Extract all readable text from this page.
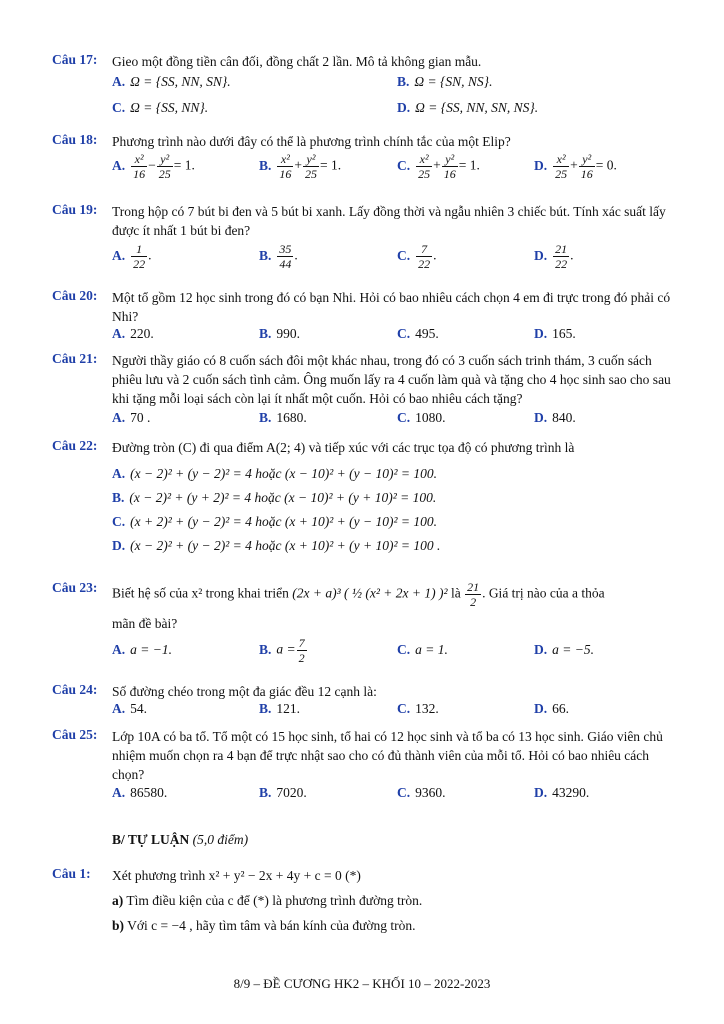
Câu 17: Gieo một đồng tiền cân đối, đồng chất 2 lần. Mô tả không gian mẫu.
A. Ω = {SS, NN, SN}.	B. Ω = {SN, NS}.
C. Ω = {SS, NN}.	D. Ω = {SS, NN, SN, NS}.
Câu 18: Phương trình nào dưới đây có thể là phương trình chính tắc của một Elip?
A. $\frac{\text{x²}}{16} - \frac{\text{y²}}{25} = 1$.	B. $\frac{\text{x²}}{16} + \frac{\text{y²}}{25} = 1$.	C. $\frac{\text{x²}}{25} + \frac{\text{y²}}{16} = 1$.	D. $\frac{\text{x²}}{25} + \frac{\text{y²}}{16} = 0$.
Câu 19: Trong hộp có 7 bút bi đen và 5 bút bi xanh. Lấy đồng thời và ngẫu nhiên 3 chiếc bút. Tính xác suất lấy được ít nhất 1 bút bi đen?
A. $\frac{1}{22}$ .	B. $\frac{35}{44}$ .	C. $\frac{7}{22}$ .	D. $\frac{21}{22}$ .
Câu 20: Một tổ gồm 12 học sinh trong đó có bạn Nhi. Hỏi có bao nhiêu cách chọn 4 em đi trực trong đó phải có Nhi?
A. 220.	B. 990.	C. 495.	D. 165.
Câu 21: Người thầy giáo có 8 cuốn sách đôi một khác nhau, trong đó có 3 cuốn sách trinh thám, 3 cuốn sách phiêu lưu và 2 cuốn sách tình cảm. Ông muốn lấy ra 4 cuốn làm quà và tặng cho 4 học sinh sao cho sau khi tặng mỗi loại sách còn lại ít nhất một cuốn. Hỏi có bao nhiêu cách tặng?
A. 70 .	B. 1680.	C. 1080.	D. 840.
Câu 22: Đường tròn (C) đi qua điểm A(2; 4) và tiếp xúc với các trục tọa độ có phương trình là
A. (x − 2)² + (y − 2)² = 4 hoặc (x − 10)² + (y − 10)² = 100.
B. (x − 2)² + (y + 2)² = 4 hoặc (x − 10)² + (y + 10)² = 100.
C. (x + 2)² + (y − 2)² = 4 hoặc (x + 10)² + (y − 10)² = 100.
D. (x − 2)² + (y − 2)² = 4 hoặc (x + 10)² + (y + 10)² = 100 .
Câu 23: Biết hệ số của x² trong khai triển (2x + a)³ ( ½ (x² + 2x + 1) )² là $\frac{21}{2}$ . Giá trị nào của a thỏa
mãn đề bài?
A. a = −1.	B. $a = \frac{7}{2}$	C. a = 1.	D. a = −5.
Câu 24: Số đường chéo trong một đa giác đều 12 cạnh là:
A. 54.	B. 121.	C. 132.	D. 66.
Câu 25: Lớp 10A có ba tổ. Tổ một có 15 học sinh, tổ hai có 12 học sinh và tổ ba có 13 học sinh. Giáo viên chủ nhiệm muốn chọn ra 4 bạn để trực nhật sao cho có đủ thành viên của mỗi tổ. Hỏi có bao nhiêu cách chọn?
A. 86580.	B. 7020.	C. 9360.	D. 43290.
B/ TỰ LUẬN (5,0 điểm)
Câu 1: Xét phương trình x² + y² − 2x + 4y + c = 0 (*)
a) Tìm điều kiện của c để (*) là phương trình đường tròn.
b) Với c = −4 , hãy tìm tâm và bán kính của đường tròn.
8/9 – ĐỀ CƯƠNG HK2 – KHỐI 10 – 2022-2023
